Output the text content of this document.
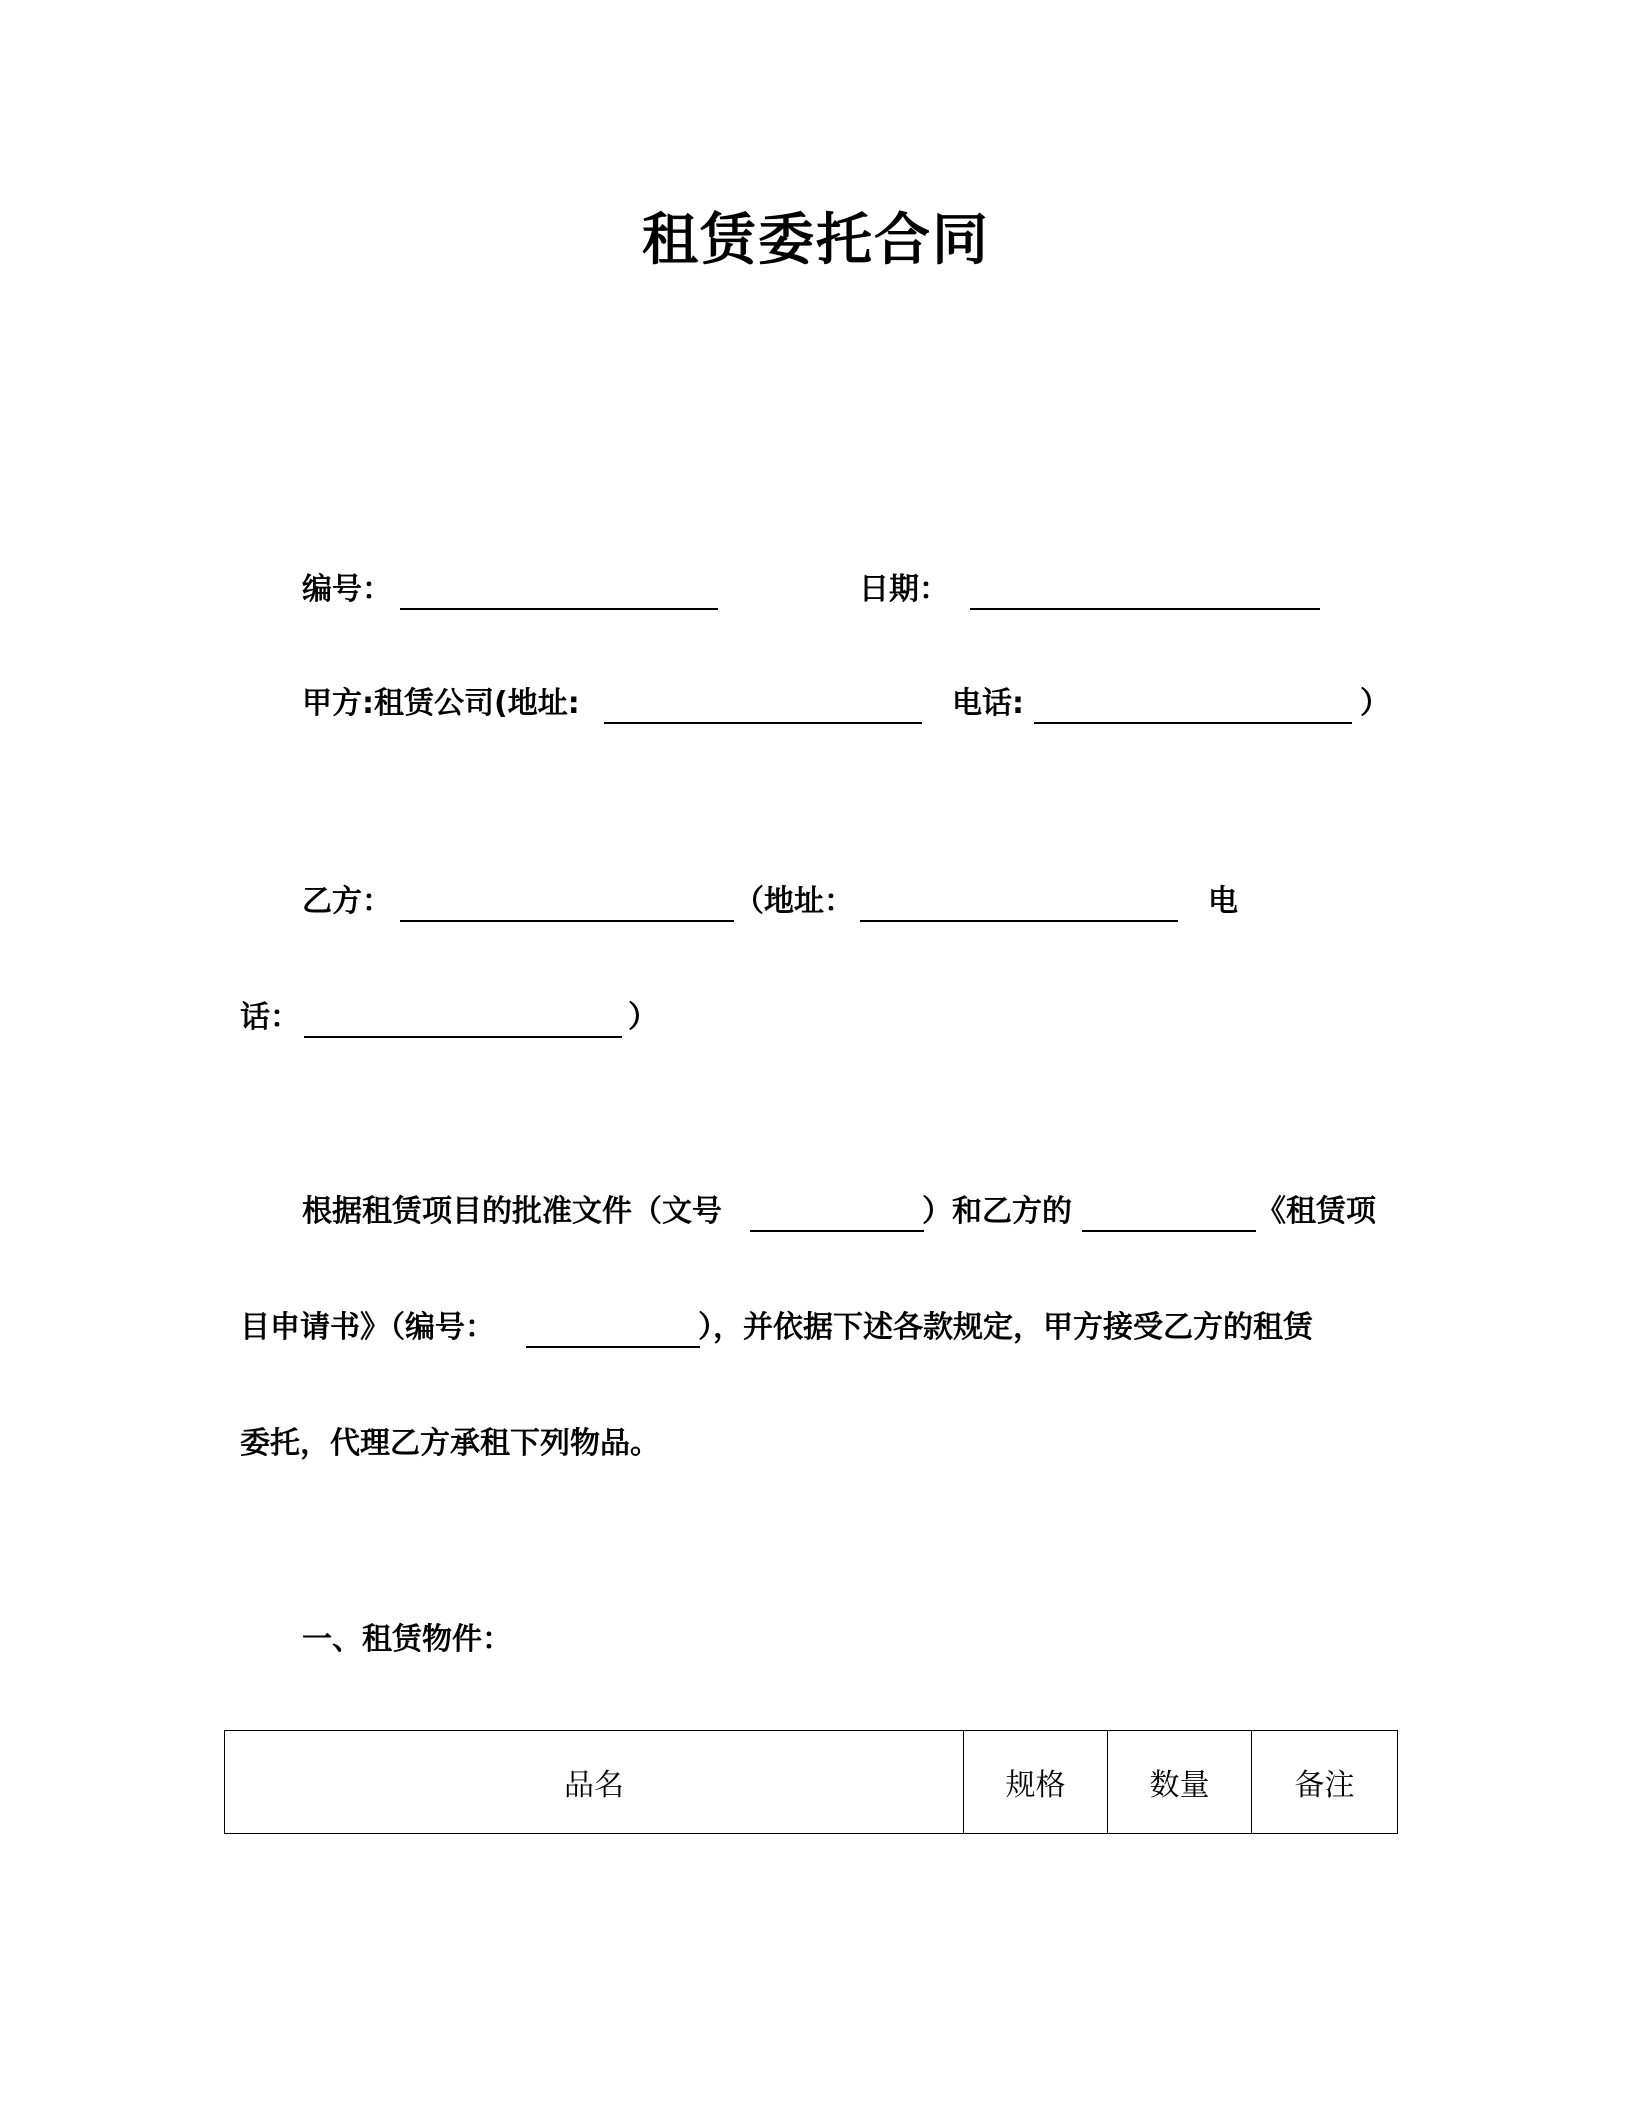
租赁委托合同
编号：	日期：
甲方:租赁公司(地址:	电话:	）
乙方：	（地址：	电
话：	）
根据租赁项目的批准文件（文号	）和乙方的	《租赁项
目申请书》（编号：	），并依据下述各款规定，甲方接受乙方的租赁
委托，代理乙方承租下列物品。
一、租赁物件：
品名	规格	数量	备注
